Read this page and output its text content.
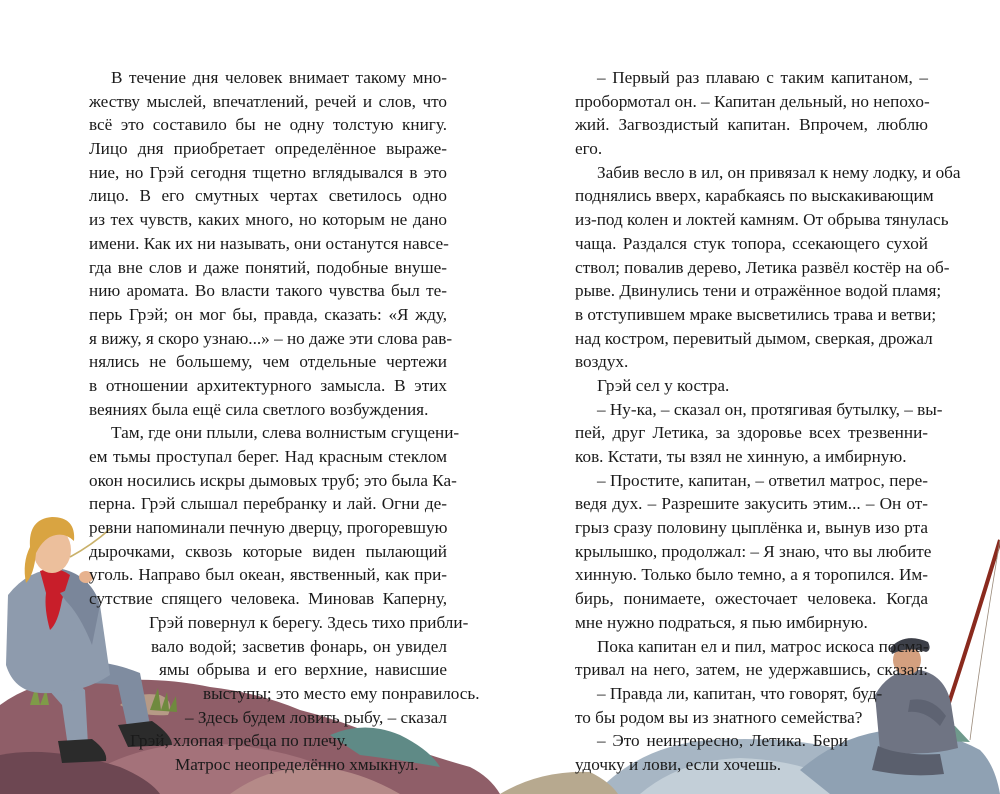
В течение дня человек внимает такому мно-
жеству мыслей, впечатлений, речей и слов, что
всё это составило бы не одну толстую книгу.
Лицо дня приобретает определённое выраже-
ние, но Грэй сегодня тщетно вглядывался в это
лицо. В его смутных чертах светилось одно
из тех чувств, каких много, но которым не дано
имени. Как их ни называть, они останутся навсе-
гда вне слов и даже понятий, подобные внуше-
нию аромата. Во власти такого чувства был те-
перь Грэй; он мог бы, правда, сказать: «Я жду,
я вижу, я скоро узнаю...» – но даже эти слова рав-
нялись не большему, чем отдельные чертежи
в отношении архитектурного замысла. В этих
веяниях была ещё сила светлого возбуждения.
Там, где они плыли, слева волнистым сгущени-
ем тьмы проступал берег. Над красным стеклом
окон носились искры дымовых труб; это была Ка-
перна. Грэй слышал перебранку и лай. Огни де-
ревни напоминали печную дверцу, прогоревшую
дырочками, сквозь которые виден пылающий
уголь. Направо был океан, явственный, как при-
сутствие спящего человека. Миновав Каперну,
Грэй повернул к берегу. Здесь тихо прибли-
вало водой; засветив фонарь, он увидел
ямы обрыва и его верхние, нависшие
выступы; это место ему понравилось.
– Здесь будем ловить рыбу, – сказал
Грэй, хлопая гребца по плечу.
Матрос неопределённо хмыкнул.
– Первый раз плаваю с таким капитаном, –
пробормотал он. – Капитан дельный, но непохо-
жий. Загвоздистый капитан. Впрочем, люблю
его.
Забив весло в ил, он привязал к нему лодку, и оба
поднялись вверх, карабкаясь по выскакивающим
из-под колен и локтей камням. От обрыва тянулась
чаща. Раздался стук топора, ссекающего сухой
ствол; повалив дерево, Летика развёл костёр на об-
рыве. Двинулись тени и отражённое водой пламя;
в отступившем мраке высветились трава и ветви;
над костром, перевитый дымом, сверкая, дрожал
воздух.
Грэй сел у костра.
– Ну-ка, – сказал он, протягивая бутылку, – вы-
пей, друг Летика, за здоровье всех трезвенни-
ков. Кстати, ты взял не хинную, а имбирную.
– Простите, капитан, – ответил матрос, пере-
ведя дух. – Разрешите закусить этим... – Он от-
грыз сразу половину цыплёнка и, вынув изо рта
крылышко, продолжал: – Я знаю, что вы любите
хинную. Только было темно, а я торопился. Им-
бирь, понимаете, ожесточает человека. Когда
мне нужно подраться, я пью имбирную.
Пока капитан ел и пил, матрос искоса посма-
тривал на него, затем, не удержавшись, сказал:
– Правда ли, капитан, что говорят, буд-
то бы родом вы из знатного семейства?
– Это неинтересно, Летика. Бери
удочку и лови, если хочешь.
